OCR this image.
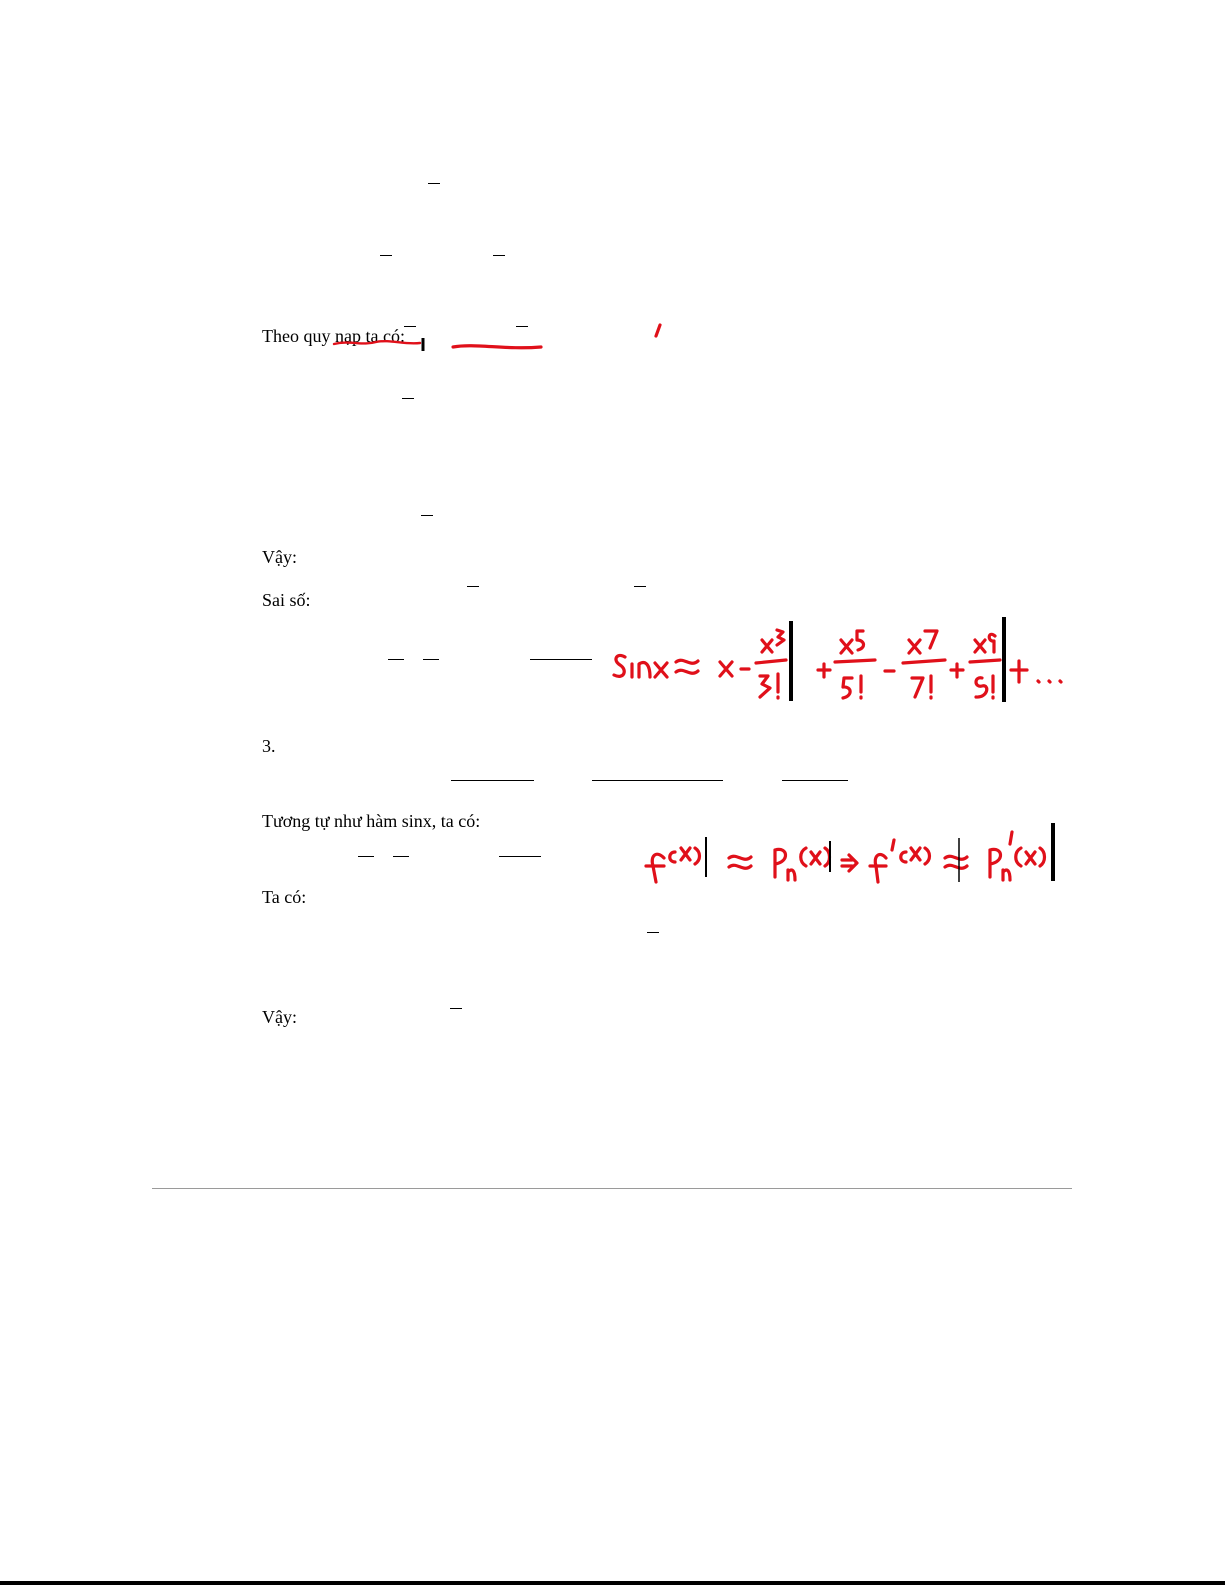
Theo quy nạp ta có:
Vậy:
Sai số:
3.
Tương tự như hàm sinx, ta có:
Ta có:
Vậy:
